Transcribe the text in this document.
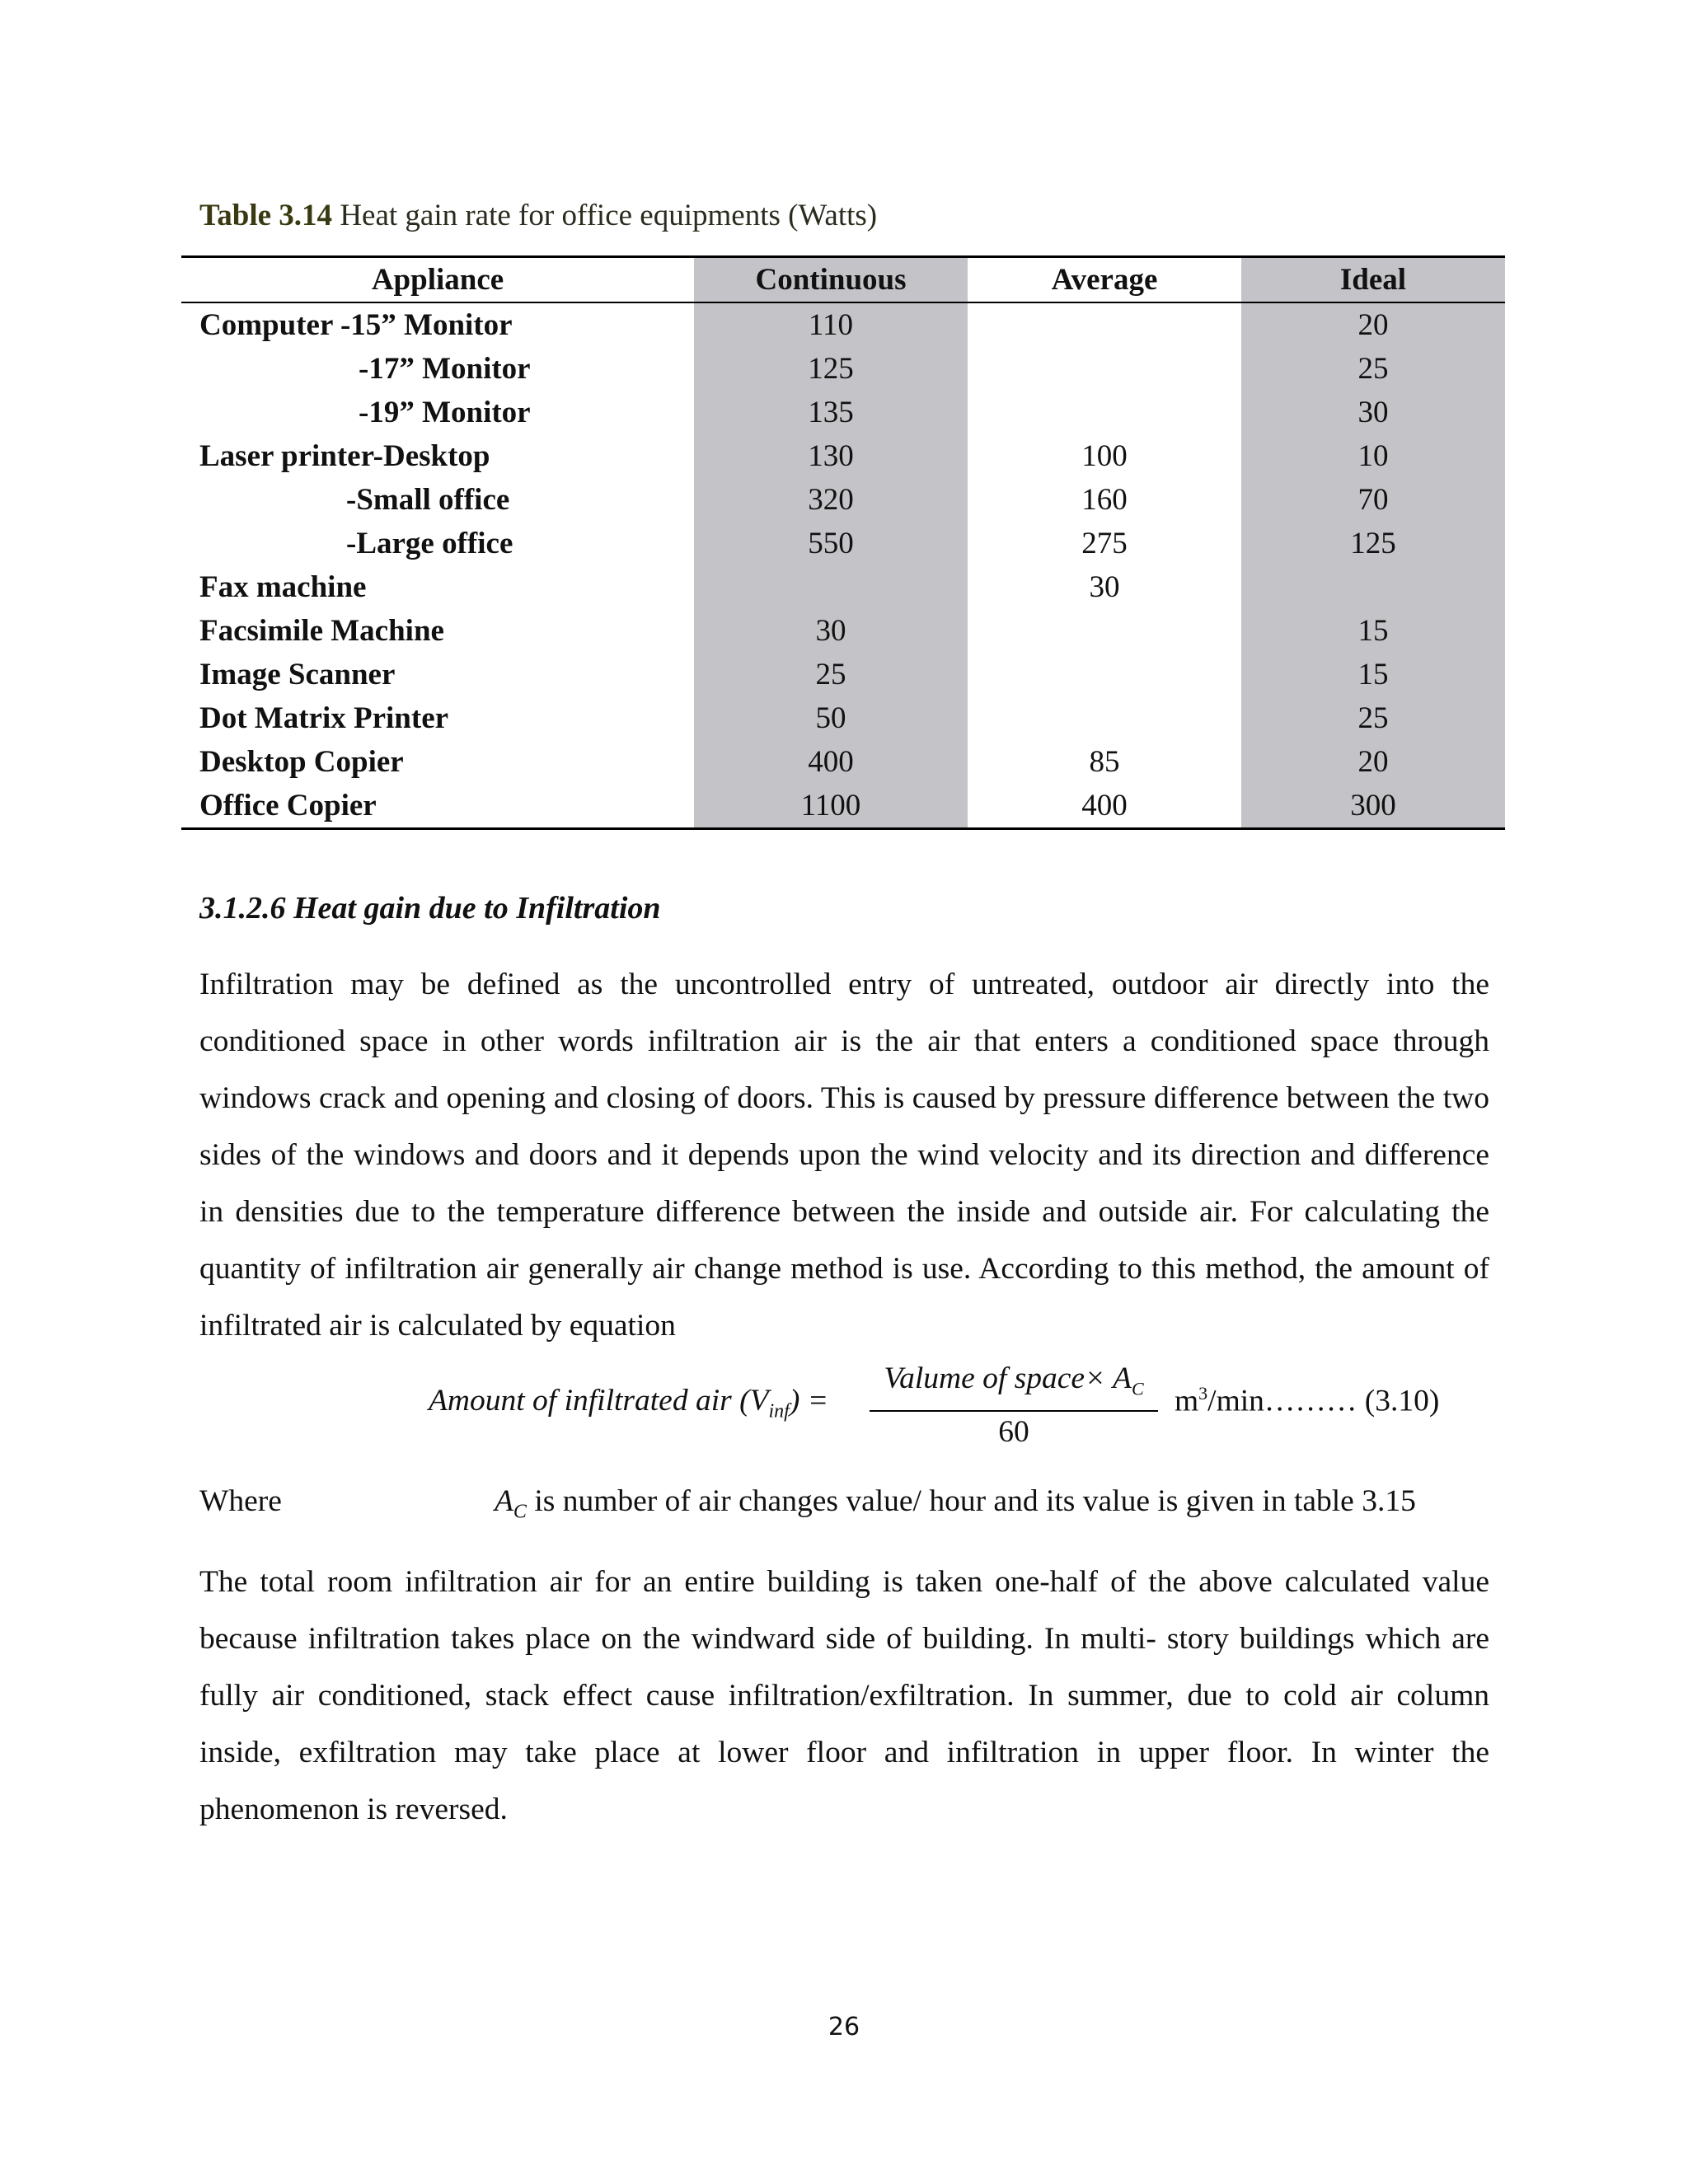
Table 3.14 Heat gain rate for office equipments (Watts)
Appliance	Continuous	Average	Ideal
Computer -15” Monitor	110		20
-17” Monitor	125		25
-19” Monitor	135		30
Laser printer-Desktop	130	100	10
-Small office	320	160	70
-Large office	550	275	125
Fax machine		30	
Facsimile Machine	30		15
Image Scanner	25		15
Dot Matrix Printer	50		25
Desktop Copier	400	85	20
Office Copier	1100	400	300
3.1.2.6 Heat gain due to Infiltration

Infiltration may be defined as the uncontrolled entry of untreated, outdoor air directly into the conditioned space in other words infiltration air is the air that enters a conditioned space through windows crack and opening and closing of doors. This is caused by pressure difference between the two sides of the windows and doors and it depends upon the wind velocity and its direction and difference in densities due to the temperature difference between the inside and outside air. For calculating the quantity of infiltration air generally air change method is use. According to this method, the amount of infiltrated air is calculated by equation

Amount of infiltrated air $(V_{inf})$ =
Valume of space× $A_C$
60
$m^3/\min\dots\dots\dots$ (3.10)
Where	$A_C$ is number of air changes value/ hour and its value is given in table 3.15

The total room infiltration air for an entire building is taken one-half of the above calculated value because infiltration takes place on the windward side of building. In multi- story buildings which are fully air conditioned, stack effect cause infiltration/exfiltration. In summer, due to cold air column inside, exfiltration may take place at lower floor and infiltration in upper floor. In winter the phenomenon is reversed.

26
